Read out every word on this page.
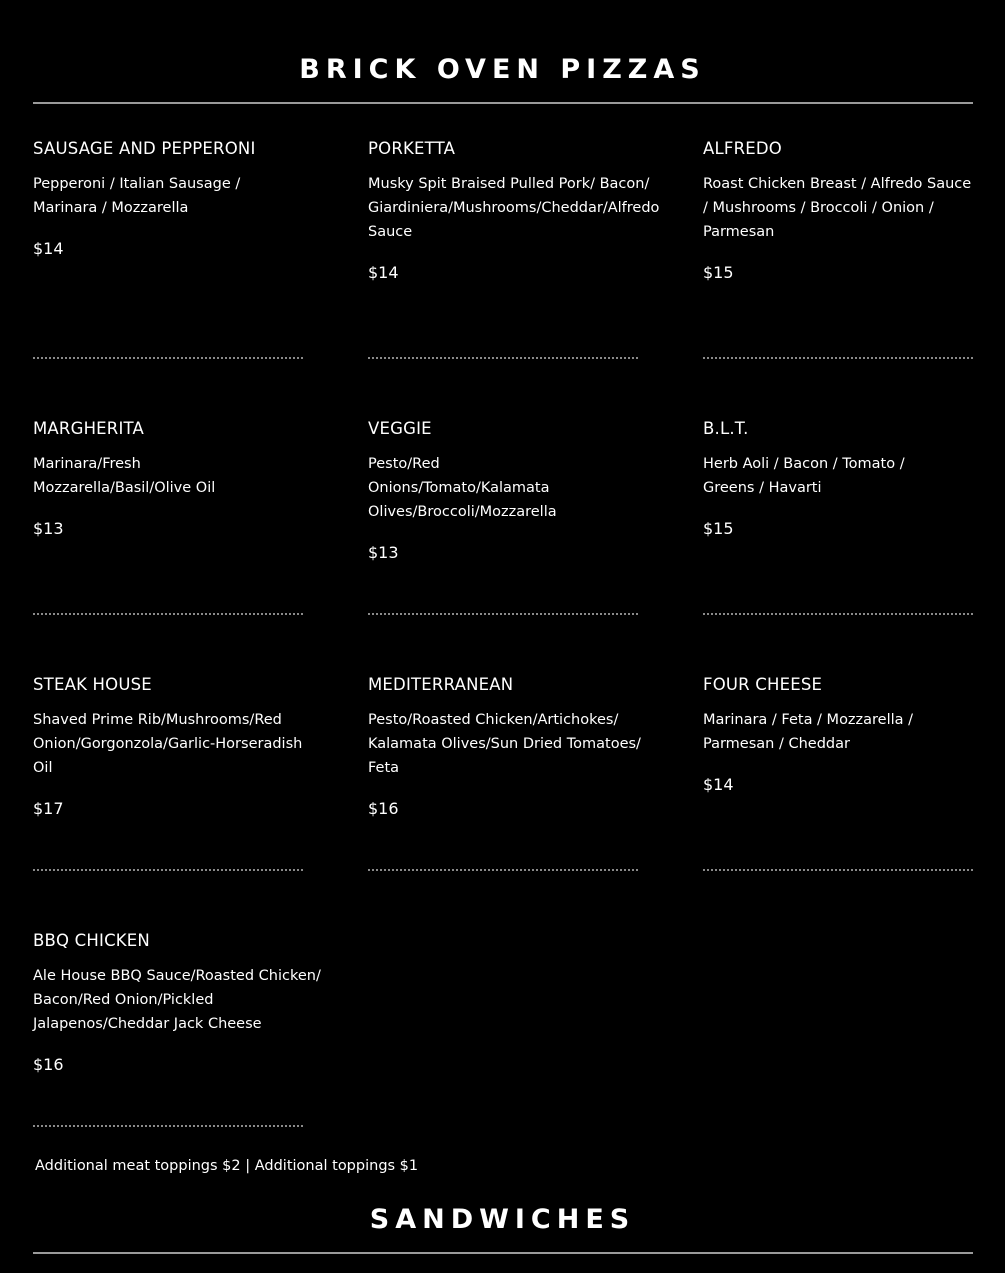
BRICK OVEN PIZZAS
SAUSAGE AND PEPPERONI

Pepperoni / Italian Sausage / Marinara / Mozzarella

$14

PORKETTA

Musky Spit Braised Pulled Pork/ Bacon/ Giardiniera/Mushrooms/Cheddar/Alfredo Sauce

$14

ALFREDO

Roast Chicken Breast / Alfredo Sauce / Mushrooms / Broccoli / Onion / Parmesan

$15

MARGHERITA

Marinara/Fresh Mozzarella/Basil/Olive Oil

$13

VEGGIE

Pesto/Red Onions/Tomato/Kalamata Olives/Broccoli/Mozzarella

$13

B.L.T.

Herb Aoli / Bacon / Tomato / Greens / Havarti

$15

STEAK HOUSE

Shaved Prime Rib/Mushrooms/Red Onion/Gorgonzola/Garlic-Horseradish Oil

$17

MEDITERRANEAN

Pesto/Roasted Chicken/Artichokes/ Kalamata Olives/Sun Dried Tomatoes/ Feta

$16

FOUR CHEESE

Marinara / Feta / Mozzarella / Parmesan / Cheddar

$14

BBQ CHICKEN

Ale House BBQ Sauce/Roasted Chicken/ Bacon/Red Onion/Pickled Jalapenos/Cheddar Jack Cheese

$16

Additional meat toppings $2 | Additional toppings $1

SANDWICHES
